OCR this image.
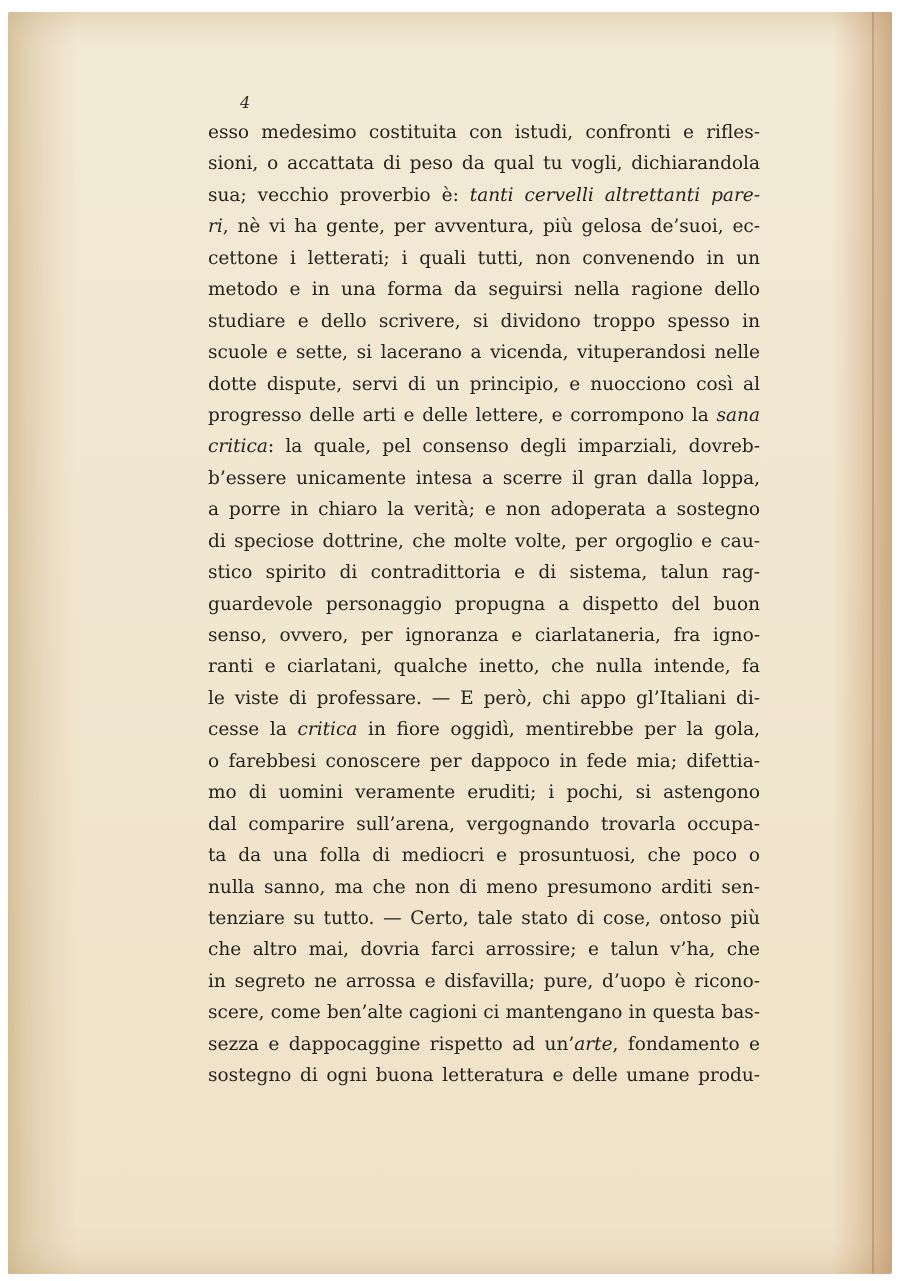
4
esso medesimo costituita con istudi, confronti e rifles-
sioni, o accattata di peso da qual tu vogli, dichiarandola
sua; vecchio proverbio è: tanti cervelli altrettanti pare-
ri, nè vi ha gente, per avventura, più gelosa de’suoi, ec-
cettone i letterati; i quali tutti, non convenendo in un
metodo e in una forma da seguirsi nella ragione dello
studiare e dello scrivere, si dividono troppo spesso in
scuole e sette, si lacerano a vicenda, vituperandosi nelle
dotte dispute, servi di un principio, e nuocciono così al
progresso delle arti e delle lettere, e corrompono la sana
critica: la quale, pel consenso degli imparziali, dovreb-
b’essere unicamente intesa a scerre il gran dalla loppa,
a porre in chiaro la verità; e non adoperata a sostegno
di speciose dottrine, che molte volte, per orgoglio e cau-
stico spirito di contradittoria e di sistema, talun rag-
guardevole personaggio propugna a dispetto del buon
senso, ovvero, per ignoranza e ciarlataneria, fra igno-
ranti e ciarlatani, qualche inetto, che nulla intende, fa
le viste di professare. — E però, chi appo gl’Italiani di-
cesse la critica in fiore oggidì, mentirebbe per la gola,
o farebbesi conoscere per dappoco in fede mia; difettia-
mo di uomini veramente eruditi; i pochi, si astengono
dal comparire sull’arena, vergognando trovarla occupa-
ta da una folla di mediocri e prosuntuosi, che poco o
nulla sanno, ma che non di meno presumono arditi sen-
tenziare su tutto. — Certo, tale stato di cose, ontoso più
che altro mai, dovria farci arrossire; e talun v’ha, che
in segreto ne arrossa e disfavilla; pure, d’uopo è ricono-
scere, come ben’alte cagioni ci mantengano in questa bas-
sezza e dappocaggine rispetto ad un’arte, fondamento e
sostegno di ogni buona letteratura e delle umane produ-
